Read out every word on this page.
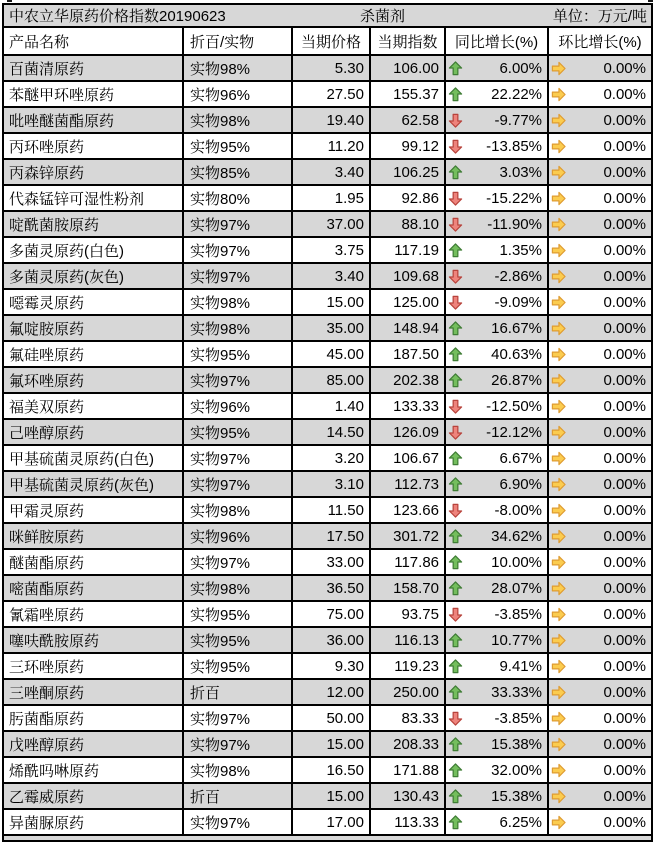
中农立华原药价格指数20190623	杀菌剂	单位：万元/吨
产品名称	折百/实物	当期价格	当期指数	同比增长(%)	环比增长(%)
百菌清原药	实物98%	5.30	106.00	6.00%	0.00%
苯醚甲环唑原药	实物96%	27.50	155.37	22.22%	0.00%
吡唑醚菌酯原药	实物98%	19.40	62.58	-9.77%	0.00%
丙环唑原药	实物95%	11.20	99.12	-13.85%	0.00%
丙森锌原药	实物85%	3.40	106.25	3.03%	0.00%
代森锰锌可湿性粉剂	实物80%	1.95	92.86	-15.22%	0.00%
啶酰菌胺原药	实物97%	37.00	88.10	-11.90%	0.00%
多菌灵原药(白色)	实物97%	3.75	117.19	1.35%	0.00%
多菌灵原药(灰色)	实物97%	3.40	109.68	-2.86%	0.00%
噁霉灵原药	实物98%	15.00	125.00	-9.09%	0.00%
氟啶胺原药	实物98%	35.00	148.94	16.67%	0.00%
氟硅唑原药	实物95%	45.00	187.50	40.63%	0.00%
氟环唑原药	实物97%	85.00	202.38	26.87%	0.00%
福美双原药	实物96%	1.40	133.33	-12.50%	0.00%
己唑醇原药	实物95%	14.50	126.09	-12.12%	0.00%
甲基硫菌灵原药(白色)	实物97%	3.20	106.67	6.67%	0.00%
甲基硫菌灵原药(灰色)	实物97%	3.10	112.73	6.90%	0.00%
甲霜灵原药	实物98%	11.50	123.66	-8.00%	0.00%
咪鲜胺原药	实物96%	17.50	301.72	34.62%	0.00%
醚菌酯原药	实物97%	33.00	117.86	10.00%	0.00%
嘧菌酯原药	实物98%	36.50	158.70	28.07%	0.00%
氰霜唑原药	实物95%	75.00	93.75	-3.85%	0.00%
噻呋酰胺原药	实物95%	36.00	116.13	10.77%	0.00%
三环唑原药	实物95%	9.30	119.23	9.41%	0.00%
三唑酮原药	折百	12.00	250.00	33.33%	0.00%
肟菌酯原药	实物97%	50.00	83.33	-3.85%	0.00%
戊唑醇原药	实物97%	15.00	208.33	15.38%	0.00%
烯酰吗啉原药	实物98%	16.50	171.88	32.00%	0.00%
乙霉威原药	折百	15.00	130.43	15.38%	0.00%
异菌脲原药	实物97%	17.00	113.33	6.25%	0.00%
